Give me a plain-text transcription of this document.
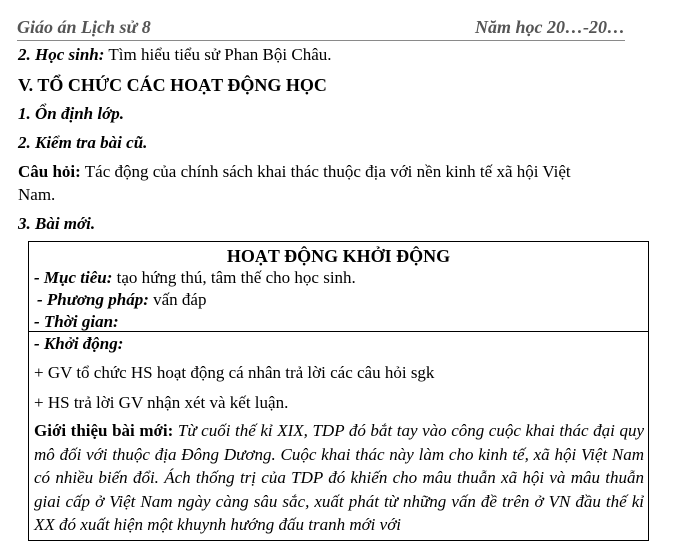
Giáo án Lịch sử 8	Năm học 20…-20…
2. Học sinh: Tìm hiểu tiểu sử Phan Bội Châu.
V. TỔ CHỨC CÁC HOẠT ĐỘNG HỌC
1. Ổn định lớp.
2. Kiểm tra bài cũ.
Câu hỏi: Tác động của chính sách khai thác thuộc địa với nền kinh tế xã hội Việt
Nam.
3. Bài mới.
HOẠT ĐỘNG KHỞI ĐỘNG
- Mục tiêu: tạo hứng thú, tâm thế cho học sinh.
- Phương pháp: vấn đáp
- Thời gian:
- Khởi động:
+ GV tổ chức HS hoạt động cá nhân trả lời các câu hỏi sgk
+ HS trả lời GV nhận xét và kết luận.
Giới thiệu bài mới: Từ cuối thế kỉ XIX, TDP đó bắt tay vào công cuộc khai thác đại quy mô đối với thuộc địa Đông Dương. Cuộc khai thác này làm cho kinh tế, xã hội Việt Nam có nhiều biến đổi. Ách thống trị của TDP đó khiến cho mâu thuẫn xã hội và mâu thuẫn giai cấp ở Việt Nam ngày càng sâu sắc, xuất phát từ những vấn đề trên ở VN đầu thế kỉ XX đó xuất hiện một khuynh hướng đấu tranh mới với
